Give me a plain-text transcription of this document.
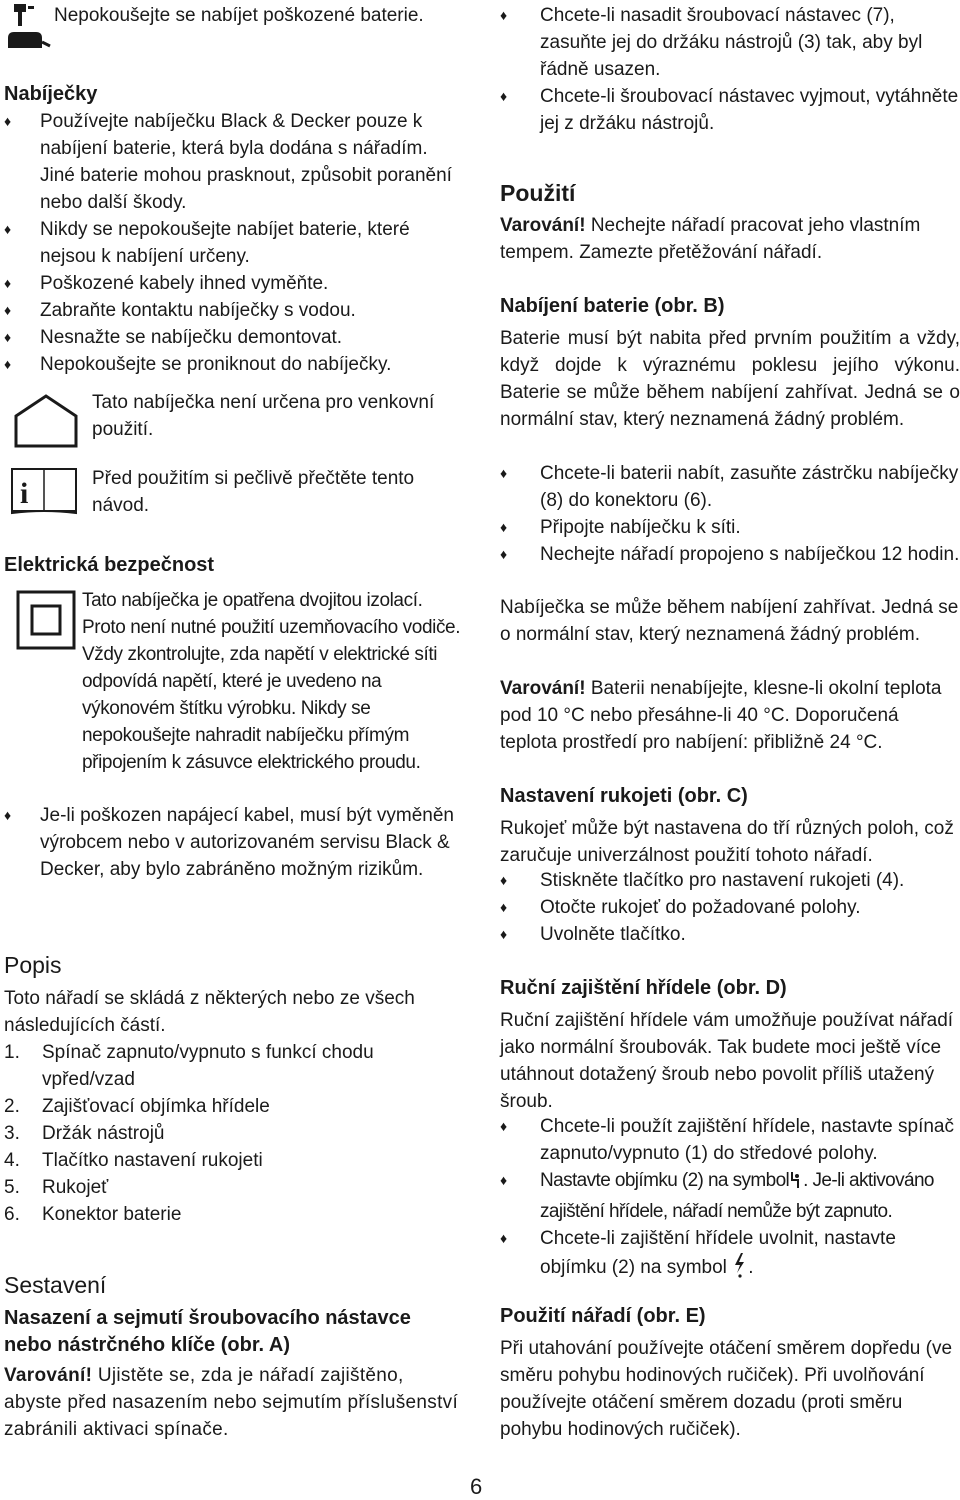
Nepokoušejte se nabíjet poškozené baterie.

Nabíječky

♦ Používejte nabíječku Black & Decker pouze k nabíjení baterie, která byla dodána s nářadím. Jiné baterie mohou prasknout, způsobit poranění nebo další škody.

♦ Nikdy se nepokoušejte nabíjet baterie, které nejsou k nabíjení určeny.

♦ Poškozené kabely ihned vyměňte.

♦ Zabraňte kontaktu nabíječky s vodou.

♦ Nesnažte se nabíječku demontovat.

♦ Nepokoušejte se proniknout do nabíječky.

Tato nabíječka není určena pro venkovní použití.

i	Před použitím si pečlivě přečtěte tento návod.

Elektrická bezpečnost

Tato nabíječka je opatřena dvojitou izolací. Proto není nutné použití uzemňovacího vodiče. Vždy zkontrolujte, zda napětí v elektrické síti odpovídá napětí, které je uvedeno na výkonovém štítku výrobku. Nikdy se nepokoušejte nahradit nabíječku přímým připojením k zásuvce elektrického proudu.

♦ Je-li poškozen napájecí kabel, musí být vyměněn výrobcem nebo v autorizovaném servisu Black & Decker, aby bylo zabráněno možným rizikům.

Popis

Toto nářadí se skládá z některých nebo ze všech následujících částí.

1. Spínač zapnuto/vypnuto s funkcí chodu vpřed/vzad

2. Zajišťovací objímka hřídele

3. Držák nástrojů

4. Tlačítko nastavení rukojeti

5. Rukojeť

6. Konektor baterie

Sestavení

Nasazení a sejmutí šroubovacího nástavce nebo nástrčného klíče (obr. A)

Varování! Ujistěte se, zda je nářadí zajištěno, abyste před nasazením nebo sejmutím příslušenství zabránili aktivaci spínače.

♦ Chcete-li nasadit šroubovací nástavec (7), zasuňte jej do držáku nástrojů (3) tak, aby byl řádně usazen.

♦ Chcete-li šroubovací nástavec vyjmout, vytáhněte jej z držáku nástrojů.

Použití

Varování! Nechejte nářadí pracovat jeho vlastním tempem. Zamezte přetěžování nářadí.

Nabíjení baterie (obr. B)

Baterie musí být nabita před prvním použitím a vždy, když dojde k výraznému poklesu jejího výkonu. Baterie se může během nabíjení zahřívat. Jedná se o normální stav, který neznamená žádný problém.

♦ Chcete-li baterii nabít, zasuňte zástrčku nabíječky (8) do konektoru (6).

♦ Připojte nabíječku k síti.

♦ Nechejte nářadí propojeno s nabíječkou 12 hodin.

Nabíječka se může během nabíjení zahřívat. Jedná se o normální stav, který neznamená žádný problém.

Varování! Baterii nenabíjejte, klesne-li okolní teplota pod 10 °C nebo přesáhne-li 40 °C. Doporučená teplota prostředí pro nabíjení: přibližně 24 °C.

Nastavení rukojeti (obr. C)

Rukojeť může být nastavena do tří různých poloh, což zaručuje univerzálnost použití tohoto nářadí.

♦ Stiskněte tlačítko pro nastavení rukojeti (4).

♦ Otočte rukojeť do požadované polohy.

♦ Uvolněte tlačítko.

Ruční zajištění hřídele (obr. D)

Ruční zajištění hřídele vám umožňuje používat nářadí jako normální šroubovák. Tak budete moci ještě více utáhnout dotažený šroub nebo povolit příliš utažený šroub.

♦ Chcete-li použít zajištění hřídele, nastavte spínač zapnuto/vypnuto (1) do středové polohy.

♦ Nastavte objímku (2) na symbol . Je-li aktivováno zajištění hřídele, nářadí nemůže být zapnuto.

♦ Chcete-li zajištění hřídele uvolnit, nastavte objímku (2) na symbol .

Použití nářadí (obr. E)

Při utahování používejte otáčení směrem dopředu (ve směru pohybu hodinových ručiček). Při uvolňování používejte otáčení směrem dozadu (proti směru pohybu hodinových ručiček).

6
